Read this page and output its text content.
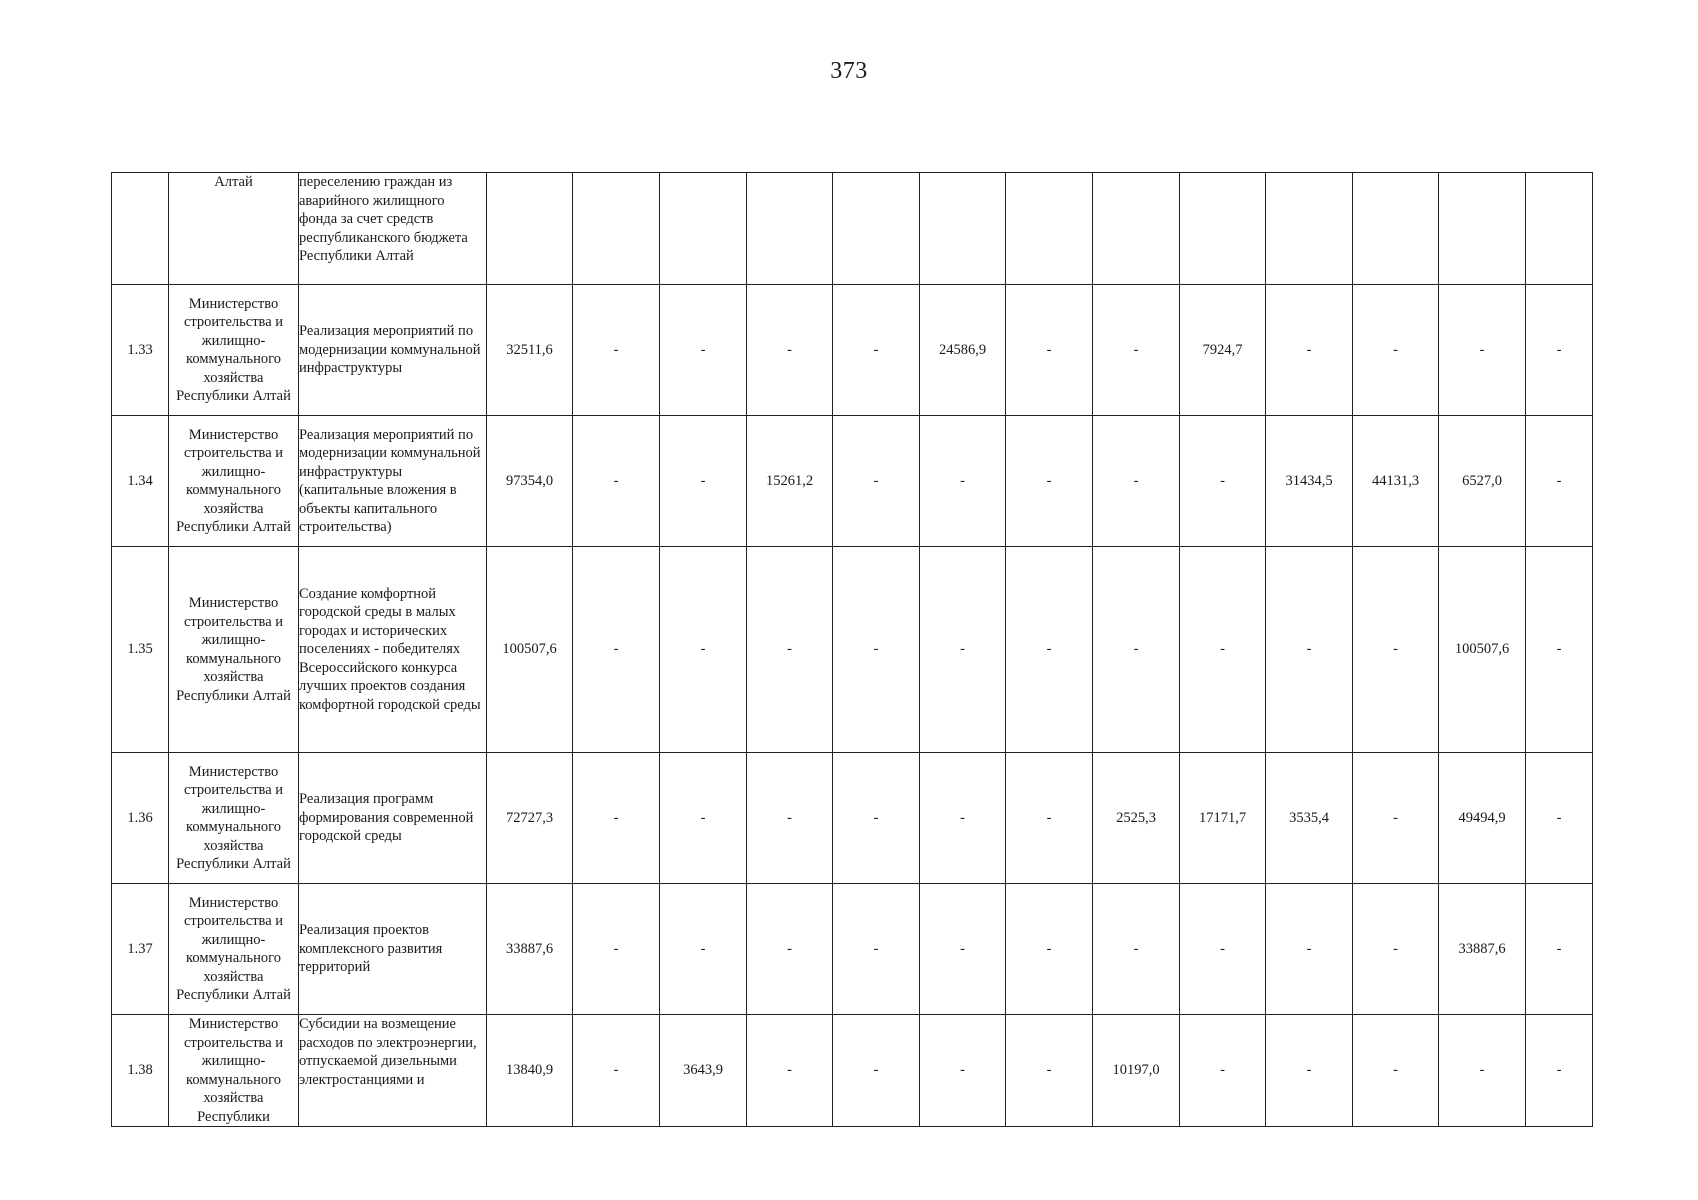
373
	Алтай	переселению граждан из аварийного жилищного фонда за счет средств республиканского бюджета Республики Алтай													
1.33	Министерство строительства и жилищно-коммунального хозяйства Республики Алтай	Реализация мероприятий по модернизации коммунальной инфраструктуры	32511,6	-	-	-	-	24586,9	-	-	7924,7	-	-	-	-
1.34	Министерство строительства и жилищно-коммунального хозяйства Республики Алтай	Реализация мероприятий по модернизации коммунальной инфраструктуры (капитальные вложения в объекты капитального строительства)	97354,0	-	-	15261,2	-	-	-	-	-	31434,5	44131,3	6527,0	-
1.35	Министерство строительства и жилищно-коммунального хозяйства Республики Алтай	Создание комфортной городской среды в малых городах и исторических поселениях - победителях Всероссийского конкурса лучших проектов создания комфортной городской среды	100507,6	-	-	-	-	-	-	-	-	-	-	100507,6	-
1.36	Министерство строительства и жилищно-коммунального хозяйства Республики Алтай	Реализация программ формирования современной городской среды	72727,3	-	-	-	-	-	-	2525,3	17171,7	3535,4	-	49494,9	-
1.37	Министерство строительства и жилищно-коммунального хозяйства Республики Алтай	Реализация проектов комплексного развития территорий	33887,6	-	-	-	-	-	-	-	-	-	-	33887,6	-
1.38	Министерство строительства и жилищно-коммунального хозяйства Республики	Субсидии на возмещение расходов по электроэнергии, отпускаемой дизельными электростанциями и	13840,9	-	3643,9	-	-	-	-	10197,0	-	-	-	-	-
